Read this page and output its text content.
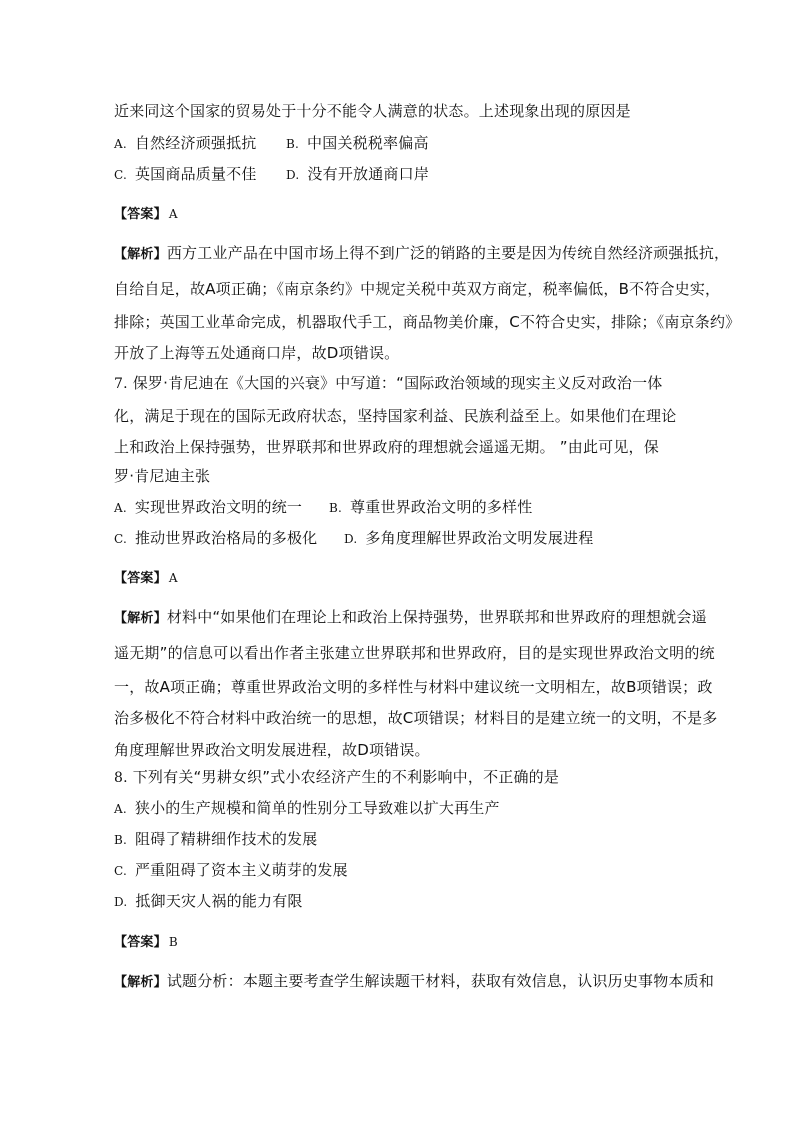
近来同这个国家的贸易处于十分不能令人满意的状态。上述现象出现的原因是
A. 自然经济顽强抵抗 B. 中国关税税率偏高
C. 英国商品质量不佳 D. 没有开放通商口岸
【答案】 A
【解析】西方工业产品在中国市场上得不到广泛的销路的主要是因为传统自然经济顽强抵抗，
自给自足，故A项正确；《南京条约》中规定关税中英双方商定，税率偏低，B不符合史实，
排除；英国工业革命完成，机器取代手工，商品物美价廉，C不符合史实，排除；《南京条约》
开放了上海等五处通商口岸，故D项错误。
7. 保罗·肯尼迪在《大国的兴衰》中写道：“国际政治领域的现实主义反对政治一体
化，满足于现在的国际无政府状态，坚持国家利益、民族利益至上。如果他们在理论
上和政治上保持强势，世界联邦和世界政府的理想就会遥遥无期。 ”由此可见，保
罗·肯尼迪主张
A. 实现世界政治文明的统一 B. 尊重世界政治文明的多样性
C. 推动世界政治格局的多极化 D. 多角度理解世界政治文明发展进程
【答案】 A
【解析】材料中“如果他们在理论上和政治上保持强势，世界联邦和世界政府的理想就会遥
遥无期”的信息可以看出作者主张建立世界联邦和世界政府，目的是实现世界政治文明的统
一，故A项正确；尊重世界政治文明的多样性与材料中建议统一文明相左，故B项错误；政
治多极化不符合材料中政治统一的思想，故C项错误；材料目的是建立统一的文明，不是多
角度理解世界政治文明发展进程，故D项错误。
8. 下列有关“男耕女织”式小农经济产生的不利影响中，不正确的是
A. 狭小的生产规模和简单的性别分工导致难以扩大再生产
B. 阻碍了精耕细作技术的发展
C. 严重阻碍了资本主义萌芽的发展
D. 抵御天灾人祸的能力有限
【答案】 B
【解析】试题分析：本题主要考查学生解读题干材料，获取有效信息，认识历史事物本质和
